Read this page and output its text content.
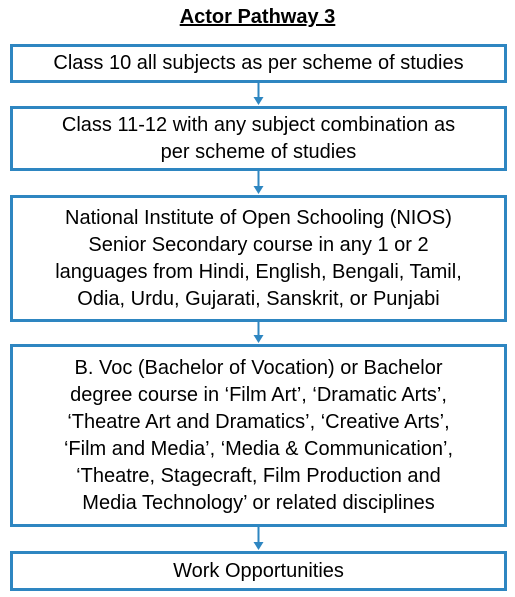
Actor Pathway 3
Class 10 all subjects as per scheme of studies
Class 11-12 with any subject combination as
per scheme of studies
National Institute of Open Schooling (NIOS)
Senior Secondary course in any 1 or 2
languages from Hindi, English, Bengali, Tamil,
Odia, Urdu, Gujarati, Sanskrit, or Punjabi
B. Voc (Bachelor of Vocation) or Bachelor
degree course in ‘Film Art’, ‘Dramatic Arts’,
‘Theatre Art and Dramatics’, ‘Creative Arts’,
‘Film and Media’, ‘Media & Communication’,
‘Theatre, Stagecraft, Film Production and
Media Technology’ or related disciplines
Work Opportunities
